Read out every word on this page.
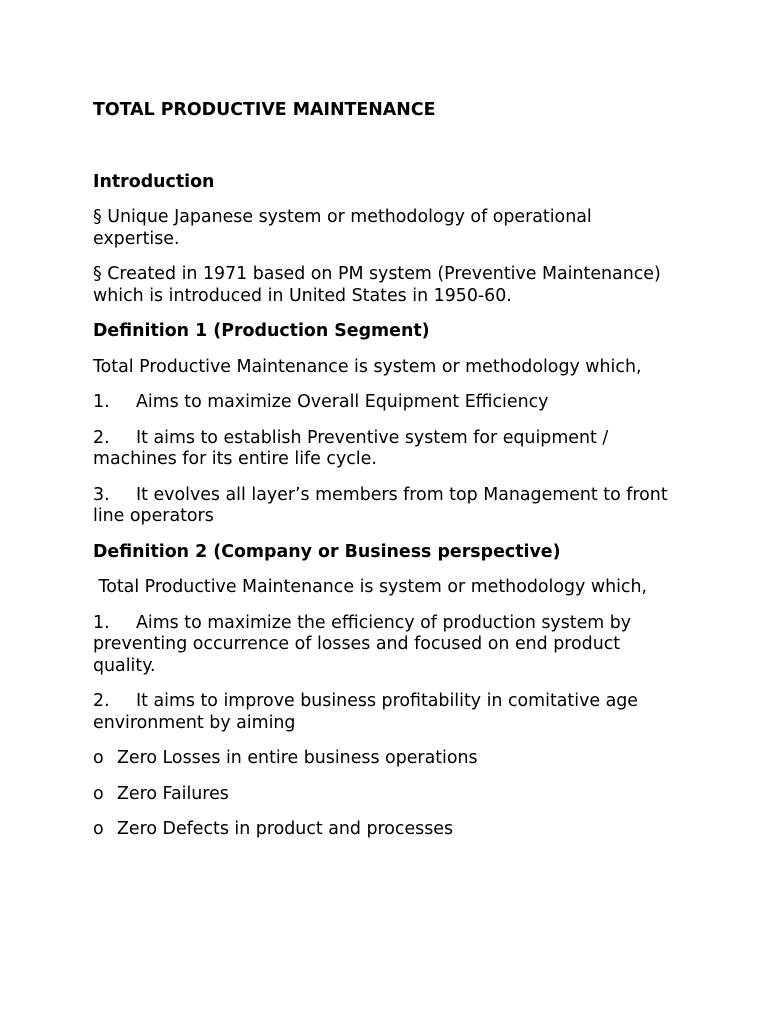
TOTAL PRODUCTIVE MAINTENANCE

Introduction

§ Unique Japanese system or methodology of operational expertise.

§ Created in 1971 based on PM system (Preventive Maintenance) which is introduced in United States in 1950-60.

Definition 1 (Production Segment)

Total Productive Maintenance is system or methodology which,

1. Aims to maximize Overall Equipment Efficiency

2. It aims to establish Preventive system for equipment / machines for its entire life cycle.

3. It evolves all layer’s members from top Management to front line operators

Definition 2 (Company or Business perspective)

Total Productive Maintenance is system or methodology which,

1. Aims to maximize the efficiency of production system by preventing occurrence of losses and focused on end product quality.

2. It aims to improve business profitability in comitative age environment by aiming

o Zero Losses in entire business operations

o Zero Failures

o Zero Defects in product and processes
